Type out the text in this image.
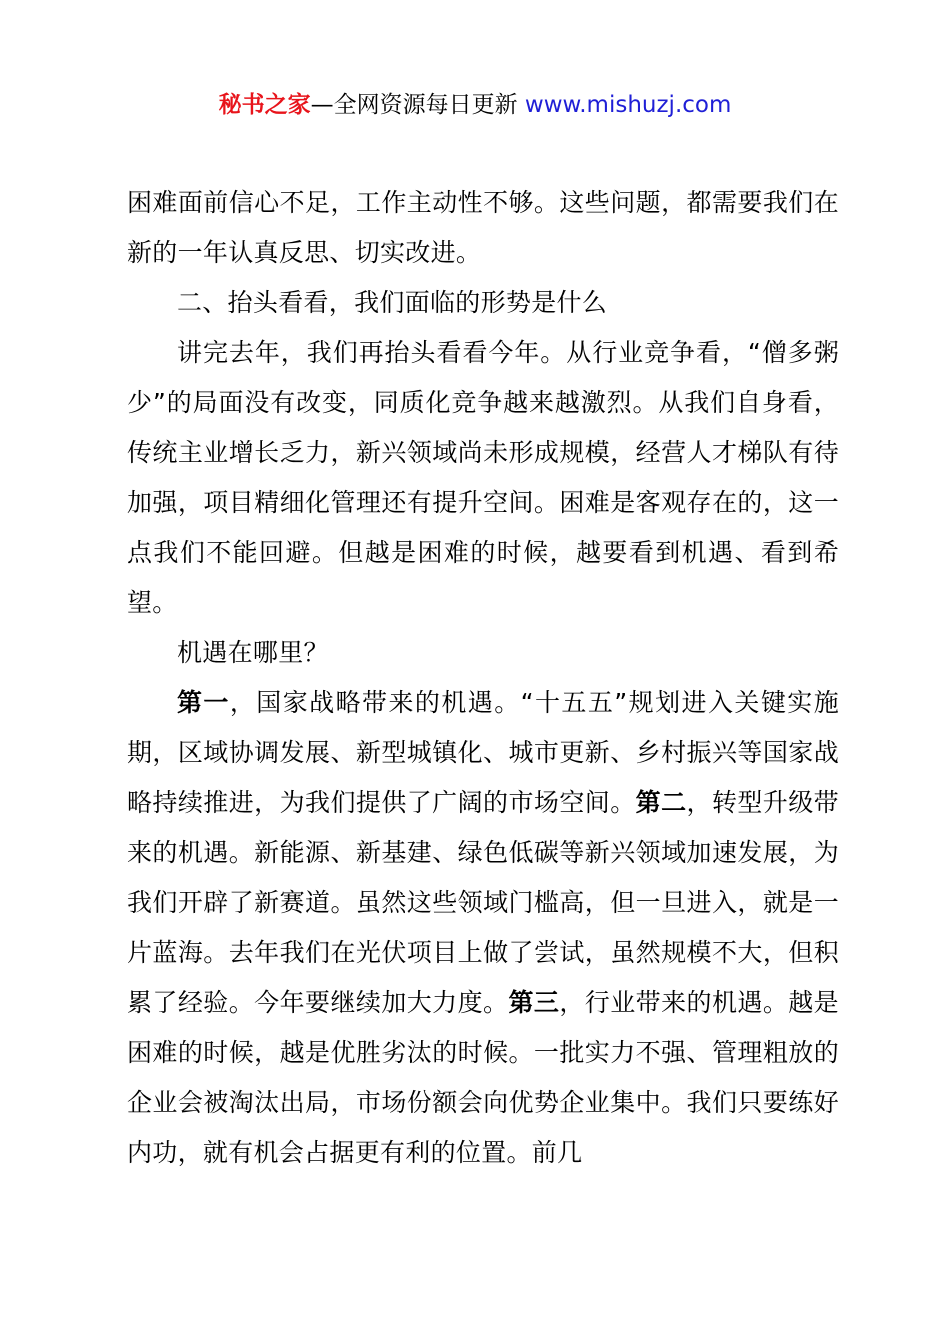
秘书之家—全网资源每日更新 www.mishuzj.com

困难面前信心不足，工作主动性不够。这些问题，都需要我们在新的一年认真反思、切实改进。

二、抬头看看，我们面临的形势是什么

讲完去年，我们再抬头看看今年。从行业竞争看，“僧多粥少”的局面没有改变，同质化竞争越来越激烈。从我们自身看，传统主业增长乏力，新兴领域尚未形成规模，经营人才梯队有待加强，项目精细化管理还有提升空间。困难是客观存在的，这一点我们不能回避。但越是困难的时候，越要看到机遇、看到希望。

机遇在哪里？

第一，国家战略带来的机遇。“十五五”规划进入关键实施期，区域协调发展、新型城镇化、城市更新、乡村振兴等国家战略持续推进，为我们提供了广阔的市场空间。第二，转型升级带来的机遇。新能源、新基建、绿色低碳等新兴领域加速发展，为我们开辟了新赛道。虽然这些领域门槛高，但一旦进入，就是一片蓝海。去年我们在光伏项目上做了尝试，虽然规模不大，但积累了经验。今年要继续加大力度。第三，行业带来的机遇。越是困难的时候，越是优胜劣汰的时候。一批实力不强、管理粗放的企业会被淘汰出局，市场份额会向优势企业集中。我们只要练好内功，就有机会占据更有利的位置。前几
